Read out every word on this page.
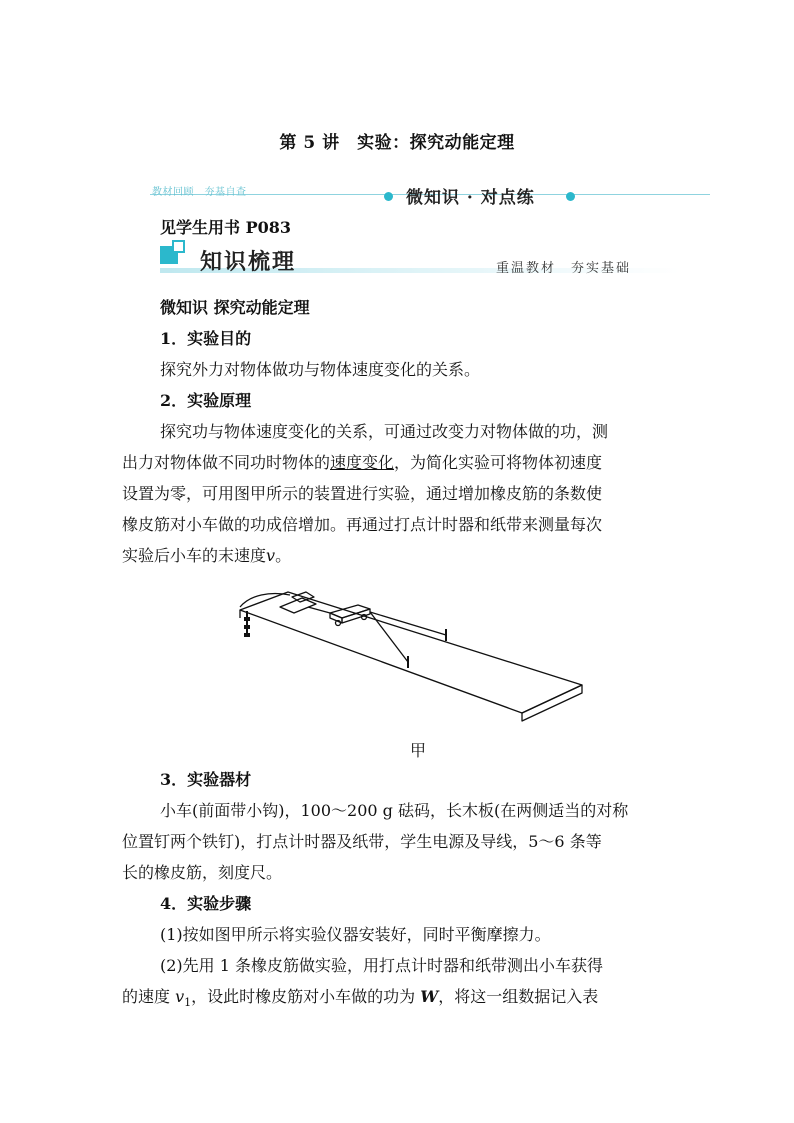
第 5 讲　实验：探究动能定理
教材回顾　夯基自查	微知识 · 对点练
见学生用书 P083
知识梳理	重温教材　夯实基础
微知识 探究动能定理
1．实验目的
探究外力对物体做功与物体速度变化的关系。
2．实验原理
探究功与物体速度变化的关系，可通过改变力对物体做的功，测
出力对物体做不同功时物体的速度变化，为简化实验可将物体初速度
设置为零，可用图甲所示的装置进行实验，通过增加橡皮筋的条数使
橡皮筋对小车做的功成倍增加。再通过打点计时器和纸带来测量每次
实验后小车的末速度v。
甲
3．实验器材
小车(前面带小钩)，100～200 g 砝码，长木板(在两侧适当的对称
位置钉两个铁钉)，打点计时器及纸带，学生电源及导线，5～6 条等
长的橡皮筋，刻度尺。
4．实验步骤
(1)按如图甲所示将实验仪器安装好，同时平衡摩擦力。
(2)先用 1 条橡皮筋做实验，用打点计时器和纸带测出小车获得
的速度 $v_1$，设此时橡皮筋对小车做的功为 W，将这一组数据记入表
